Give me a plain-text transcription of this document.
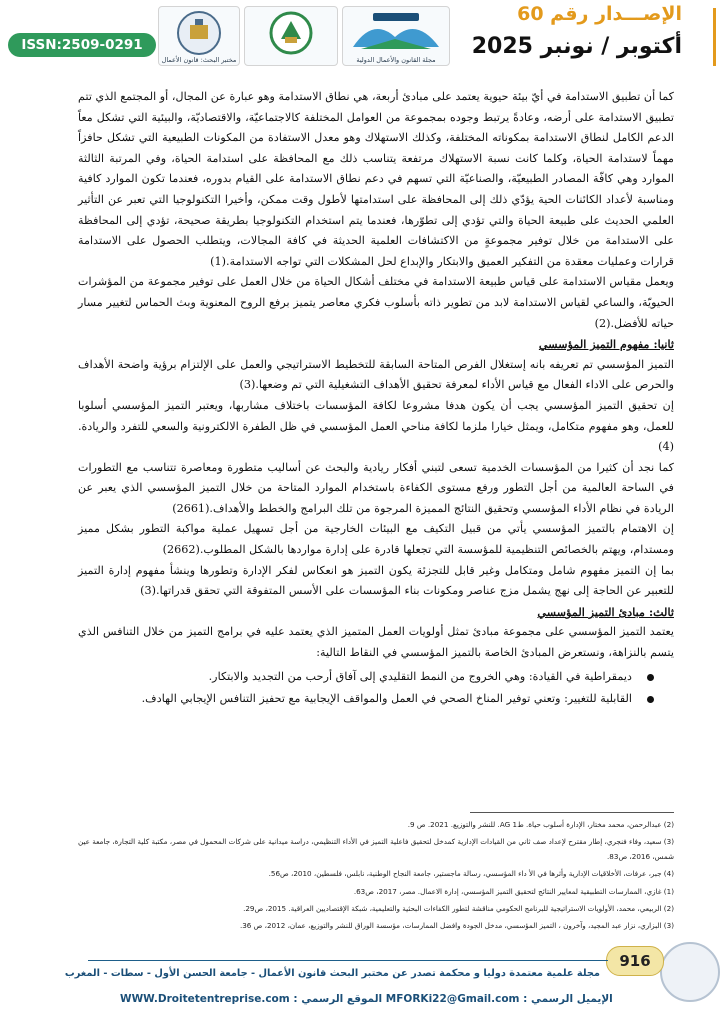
ISSN:2509-0291
مختبر البحث: قانون الأعمال	مجلة القانون والأعمال الدولية
الإصـــدار رقم 60
أكتوبر / نونبر 2025

كما أن تطبيق الاستدامة في أيّ بيئة حيوية يعتمد على مبادئ أربعة، هي نطاق الاستدامة وهو عبارة عن المجال، أو المجتمع الذي تتم تطبيق الاستدامة على أرضه، وعادةً يرتبط وجوده بمجموعة من العوامل المختلفة كالاجتماعيّة، والاقتصاديّة، والبيئية التي تشكل معاً الدعم الكامل لنطاق الاستدامة بمكوناته المختلفة، وكذلك الاستهلاك وهو معدل الاستفادة من المكونات الطبيعية التي تشكل حافزاً مهماً لاستدامة الحياة، وكلما كانت نسبة الاستهلاك مرتفعة يتناسب ذلك مع المحافظة على استدامة الحياة، وفي المرتبة الثالثة الموارد وهي كافّة المصادر الطبيعيّة، والصناعيّة التي تسهم في دعم نطاق الاستدامة على القيام بدوره، فعندما تكون الموارد كافية ومناسبة لأعداد الكائنات الحية يؤدّي ذلك إلى المحافظة على استدامتها لأطول وقت ممكن، وأخيرا التكنولوجيا التي تعبر عن التأثير العلمي الحديث على طبيعة الحياة والتي تؤدي إلى تطوّرها، فعندما يتم استخدام التكنولوجيا بطريقة صحيحة، تؤدي إلى المحافظة على الاستدامة من خلال توفير مجموعةٍ من الاكتشافات العلمية الحديثة في كافة المجالات، ويتطلب الحصول على الاستدامة قرارات وعمليات معقدة من التفكير العميق والابتكار والإبداع لحل المشكلات التي تواجه الاستدامة.(1)

ويعمل مقياس الاستدامة على قياس طبيعة الاستدامة في مختلف أشكال الحياة من خلال العمل على توفير مجموعة من المؤشرات الحيويّة، والساعي لقياس الاستدامة لابد من تطوير ذاته بأسلوب فكري معاصر يتميز برفع الروح المعنوية وبث الحماس لتغيير مسار حياته للأفضل.(2)

ثانيا: مفهوم التميز المؤسسي

التميز المؤسسي تم تعريفه بانه إستغلال الفرص المتاحة السابقة للتخطيط الاستراتيجي والعمل على الإلتزام برؤية واضحة الأهداف والحرص على الاداء الفعال مع قياس الأداء لمعرفة تحقيق الأهداف التشغيلية التي تم وضعها.(3)

إن تحقيق التميز المؤسسي يجب أن يكون هدفا مشروعا لكافة المؤسسات باختلاف مشاربها، ويعتبر التميز المؤسسي أسلوبا للعمل، وهو مفهوم متكامل، ويمثل خيارا ملزما لكافة مناحي العمل المؤسسي في ظل الطفرة الالكترونية والسعي للتفرد والريادة.(4)

كما نجد أن كثيرا من المؤسسات الخدمية تسعى لتبني أفكار ريادية والبحث عن أساليب متطورة ومعاصرة تتناسب مع التطورات في الساحة العالمية من أجل التطور ورفع مستوى الكفاءة باستخدام الموارد المتاحة من خلال التميز المؤسسي الذي يعبر عن الريادة في نظام الأداء المؤسسي وتحقيق النتائج المميزة المرجوة من تلك البرامج والخطط والأهداف.(2661)

إن الاهتمام بالتميز المؤسسي يأتي من قبيل التكيف مع البيئات الخارجية من أجل تسهيل عملية مواكبة التطور بشكل مميز ومستدام، ويهتم بالخصائص التنظيمية للمؤسسة التي تجعلها قادرة على إدارة مواردها بالشكل المطلوب.(2662)

بما إن التميز مفهوم شامل ومتكامل وغير قابل للتجزئة يكون التميز هو انعكاس لفكر الإدارة وتطورها وينشأ مفهوم إدارة التميز للتعبير عن الحاجة إلى نهج يشمل مزج عناصر ومكونات بناء المؤسسات على الأسس المتفوقة التي تحقق قدراتها.(3)

ثالث: مبادئ التميز المؤسسي

يعتمد التميز المؤسسي على مجموعة مبادئ تمثل أولويات العمل المتميز الذي يعتمد عليه في برامج التميز من خلال التنافس الذي يتسم بالنزاهة، ونستعرض المبادئ الخاصة بالتميز المؤسسي في النقاط التالية:

ديمقراطية في القيادة: وهي الخروج من النمط التقليدي إلى آفاق أرحب من التجديد والابتكار.
القابلية للتغيير: وتعني توفير المناخ الصحي في العمل والمواقف الإيجابية مع تحفيز التنافس الإيجابي الهادف.

(2) عبدالرحمن، محمد مختار، الإدارة أسلوب حياة. ط1 AG. للنشر والتوزيع. 2021. ص 9.

(3) سعيد، وفاء فنجري، إطار مقترح لإعداد صف ثاني من القيادات الإدارية كمدخل لتحقيق فاعلية التميز في الأداء التنظيمي، دراسة ميدانية على شركات المحمول في مصر، مكتبة كلية التجارة، جامعة عين شمس، 2016، ص83.

(4) جبر، عرفات، الأخلاقيات الإدارية وأثرها في الأ داء المؤسسي، رسالة ماجستير، جامعة النجاح الوطنية، نابلس، فلسطين، 2010، ص56.

(1) غازي، الممارسات التطبيقية لمعايير النتائج لتحقيق التميز المؤسسي، إدارة الاعمال. مصر، 2017، ص63.

(2) الربيعي، محمد، الأولويات الاستراتيجية للبرنامج الحكومي مناقشة لتطور الكفاءات البحثية والتعليمية، شبكة الإقتصاديين العراقية. 2015، ص29.

(3) البزاري، نزار عبد المجيد، وآخرون ، التميز المؤسسي، مدخل الجودة وافضل الممارسات، مؤسسة الوراق للنشر والتوزيع، عمان، 2012، ص 36.

916
مجلة علمية معتمدة دوليا و محكمة تصدر عن مختبر البحث قانون الأعمال - جامعة الحسن الأول - سطات - المغرب
WWW.Droitetentreprise.com : الموقع الرسمي MFORKi22@Gmail.com : الإيميل الرسمي
